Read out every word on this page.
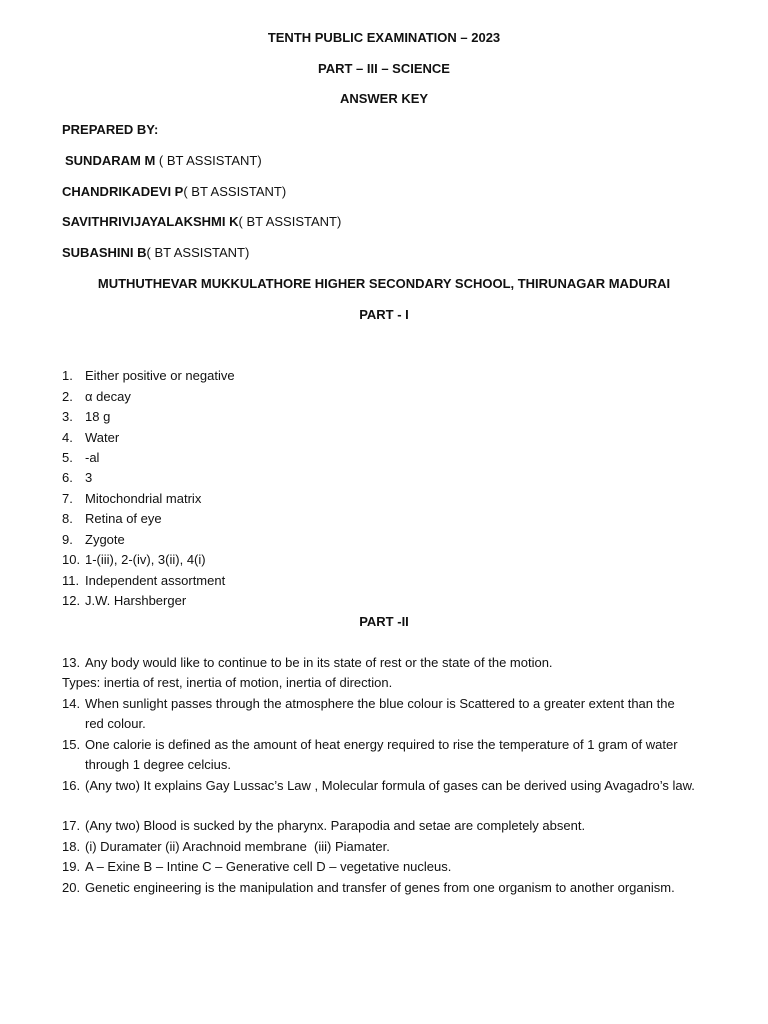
TENTH PUBLIC EXAMINATION – 2023
PART – III – SCIENCE
ANSWER KEY
PREPARED BY:
SUNDARAM M ( BT ASSISTANT)
CHANDRIKADEVI P( BT ASSISTANT)
SAVITHRIVIJAYALAKSHMI K( BT ASSISTANT)
SUBASHINI B( BT ASSISTANT)
MUTHUTHEVAR MUKKULATHORE HIGHER SECONDARY SCHOOL, THIRUNAGAR MADURAI
PART - I
1. Either positive or negative
2. α decay
3. 18 g
4. Water
5. -al
6. 3
7. Mitochondrial matrix
8. Retina of eye
9. Zygote
10. 1-(iii), 2-(iv), 3(ii), 4(i)
11. Independent assortment
12. J.W. Harshberger
PART -II
13. Any body would like to continue to be in its state of rest or the state of the motion.
Types: inertia of rest, inertia of motion, inertia of direction.
14. When sunlight passes through the atmosphere the blue colour is Scattered to a greater extent than the red colour.
15. One calorie is defined as the amount of heat energy required to rise the temperature of 1 gram of water through 1 degree celcius.
16. (Any two) It explains Gay Lussac’s Law , Molecular formula of gases can be derived using Avagadro’s law.
17. (Any two) Blood is sucked by the pharynx. Parapodia and setae are completely absent.
18. (i) Duramater (ii) Arachnoid membrane  (iii) Piamater.
19. A – Exine B – Intine C – Generative cell D – vegetative nucleus.
20. Genetic engineering is the manipulation and transfer of genes from one organism to another organism.
